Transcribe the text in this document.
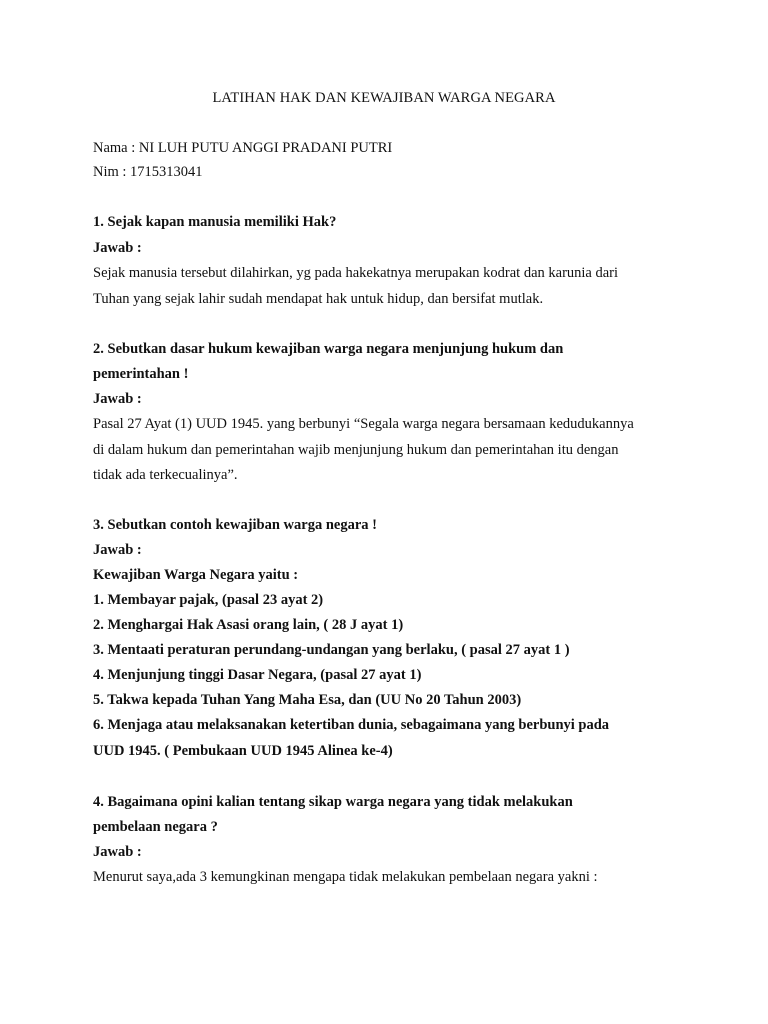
LATIHAN HAK DAN KEWAJIBAN WARGA NEGARA
Nama : NI LUH PUTU ANGGI PRADANI PUTRI
Nim : 1715313041
1. Sejak kapan manusia memiliki Hak?
Jawab :
Sejak manusia tersebut dilahirkan, yg pada hakekatnya merupakan kodrat dan karunia dari
Tuhan yang sejak lahir sudah mendapat hak untuk hidup, dan bersifat mutlak.
2. Sebutkan dasar hukum kewajiban warga negara menjunjung hukum dan
pemerintahan !
Jawab :
Pasal 27 Ayat (1) UUD 1945. yang berbunyi “Segala warga negara bersamaan kedudukannya
di dalam hukum dan pemerintahan wajib menjunjung hukum dan pemerintahan itu dengan
tidak ada terkecualinya”.
3. Sebutkan contoh kewajiban warga negara !
Jawab :
Kewajiban Warga Negara yaitu :
1. Membayar pajak, (pasal 23 ayat 2)
2. Menghargai Hak Asasi orang lain, ( 28 J ayat 1)
3. Mentaati peraturan perundang-undangan yang berlaku, ( pasal 27 ayat 1 )
4. Menjunjung tinggi Dasar Negara, (pasal 27 ayat 1)
5. Takwa kepada Tuhan Yang Maha Esa, dan (UU No 20 Tahun 2003)
6. Menjaga atau melaksanakan ketertiban dunia, sebagaimana yang berbunyi pada
UUD 1945. ( Pembukaan UUD 1945 Alinea ke-4)
4. Bagaimana opini kalian tentang sikap warga negara yang tidak melakukan
pembelaan negara ?
Jawab :
Menurut saya,ada 3 kemungkinan mengapa tidak melakukan pembelaan negara yakni :
